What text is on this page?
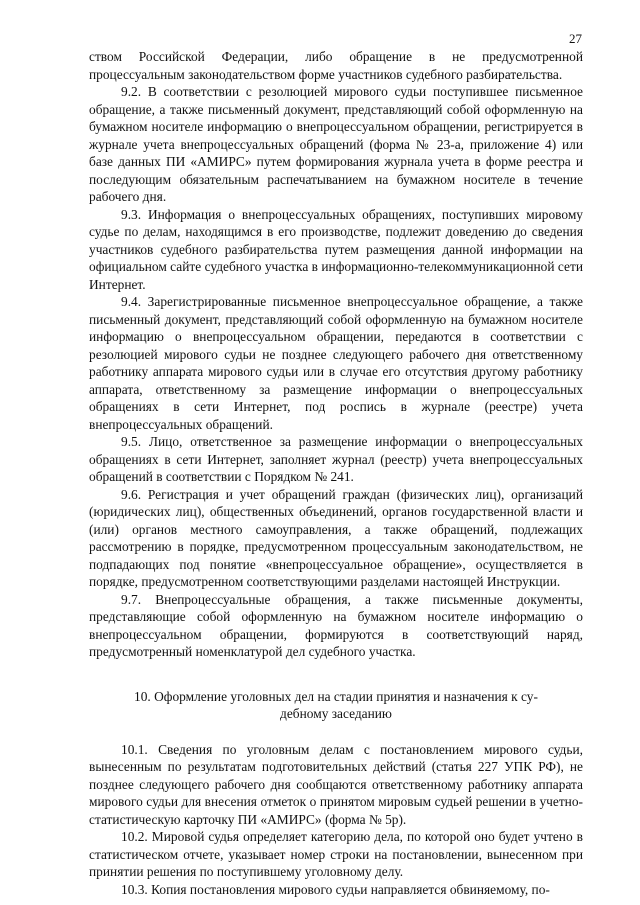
27

ством Российской Федерации, либо обращение в не предусмотренной процессуальным законодательством форме участников судебного разбирательства.

9.2. В соответствии с резолюцией мирового судьи поступившее письменное обращение, а также письменный документ, представляющий собой оформленную на бумажном носителе информацию о внепроцессуальном обращении, регистрируется в журнале учета внепроцессуальных обращений (форма № 23-а, приложение 4) или базе данных ПИ «АМИРС» путем формирования журнала учета в форме реестра и последующим обязательным распечатыванием на бумажном носителе в течение рабочего дня.

9.3. Информация о внепроцессуальных обращениях, поступивших мировому судье по делам, находящимся в его производстве, подлежит доведению до сведения участников судебного разбирательства путем размещения данной информации на официальном сайте судебного участка в информационно-телекоммуникационной сети Интернет.

9.4. Зарегистрированные письменное внепроцессуальное обращение, а также письменный документ, представляющий собой оформленную на бумажном носителе информацию о внепроцессуальном обращении, передаются в соответствии с резолюцией мирового судьи не позднее следующего рабочего дня ответственному работнику аппарата мирового судьи или в случае его отсутствия другому работнику аппарата, ответственному за размещение информации о внепроцессуальных обращениях в сети Интернет, под роспись в журнале (реестре) учета внепроцессуальных обращений.

9.5. Лицо, ответственное за размещение информации о внепроцессуальных обращениях в сети Интернет, заполняет журнал (реестр) учета внепроцессуальных обращений в соответствии с Порядком № 241.

9.6. Регистрация и учет обращений граждан (физических лиц), организаций (юридических лиц), общественных объединений, органов государственной власти и (или) органов местного самоуправления, а также обращений, подлежащих рассмотрению в порядке, предусмотренном процессуальным законодательством, не подпадающих под понятие «внепроцессуальное обращение», осуществляется в порядке, предусмотренном соответствующими разделами настоящей Инструкции.

9.7. Внепроцессуальные обращения, а также письменные документы, представляющие собой оформленную на бумажном носителе информацию о внепроцессуальном обращении, формируются в соответствующий наряд, предусмотренный номенклатурой дел судебного участка.

10. Оформление уголовных дел на стадии принятия и назначения к су-
дебному заседанию

10.1. Сведения по уголовным делам с постановлением мирового судьи, вынесенным по результатам подготовительных действий (статья 227 УПК РФ), не позднее следующего рабочего дня сообщаются ответственному работнику аппарата мирового судьи для внесения отметок о принятом мировым судьей решении в учетно-статистическую карточку ПИ «АМИРС» (форма № 5р).

10.2. Мировой судья определяет категорию дела, по которой оно будет учтено в статистическом отчете, указывает номер строки на постановлении, вынесенном при принятии решения по поступившему уголовному делу.

10.3. Копия постановления мирового судьи направляется обвиняемому, по-
